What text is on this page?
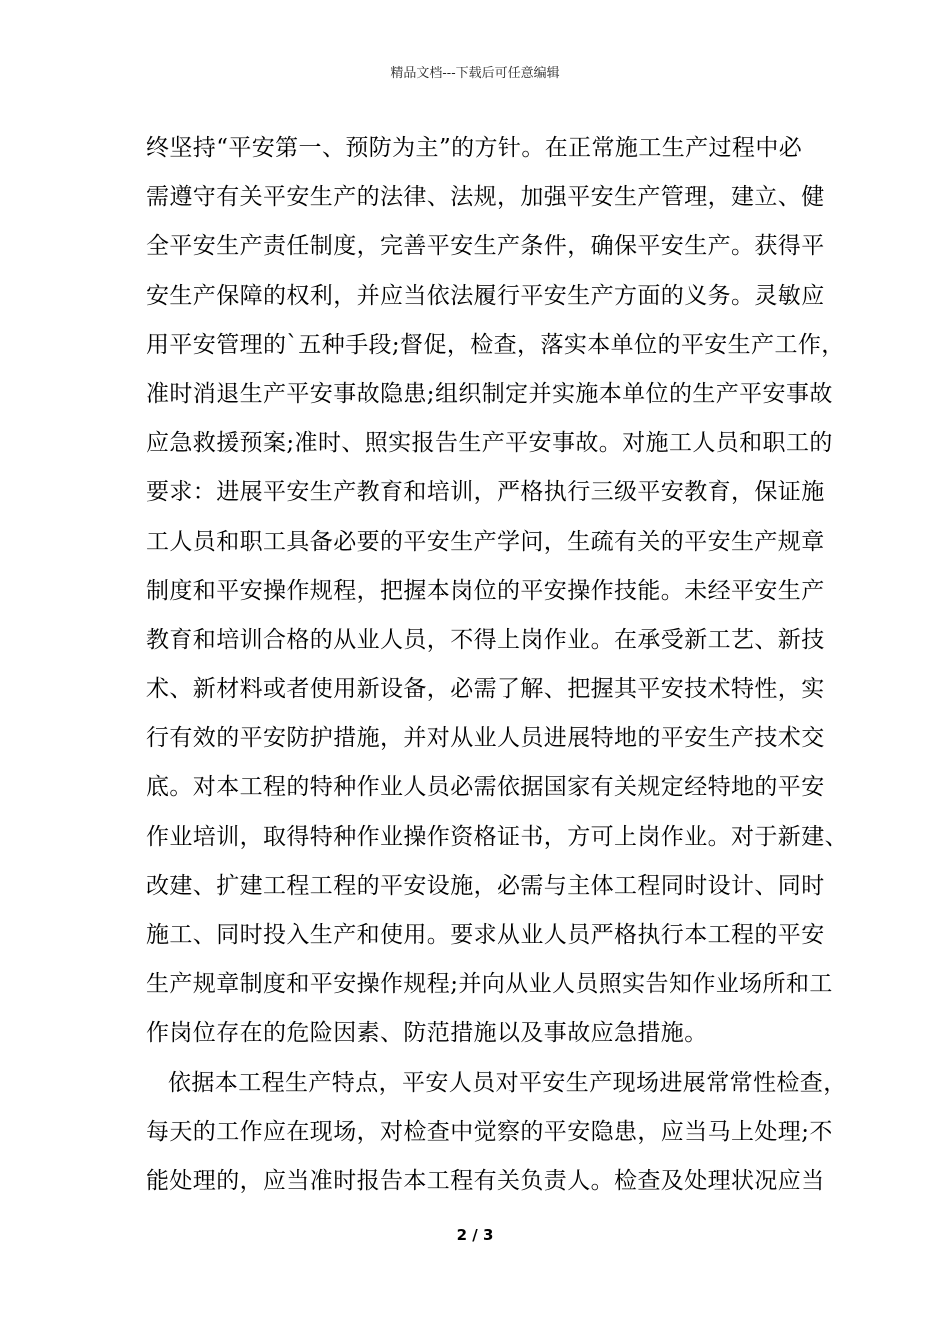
精品文档---下载后可任意编辑
终坚持“平安第一、预防为主”的方针。在正常施工生产过程中必
需遵守有关平安生产的法律、法规，加强平安生产管理，建立、健
全平安生产责任制度，完善平安生产条件，确保平安生产。获得平
安生产保障的权利，并应当依法履行平安生产方面的义务。灵敏应
用平安管理的`五种手段;督促，检查，落实本单位的平安生产工作，
准时消退生产平安事故隐患;组织制定并实施本单位的生产平安事故
应急救援预案;准时、照实报告生产平安事故。对施工人员和职工的
要求：进展平安生产教育和培训，严格执行三级平安教育，保证施
工人员和职工具备必要的平安生产学问，生疏有关的平安生产规章
制度和平安操作规程，把握本岗位的平安操作技能。未经平安生产
教育和培训合格的从业人员，不得上岗作业。在承受新工艺、新技
术、新材料或者使用新设备，必需了解、把握其平安技术特性，实
行有效的平安防护措施，并对从业人员进展特地的平安生产技术交
底。对本工程的特种作业人员必需依据国家有关规定经特地的平安
作业培训，取得特种作业操作资格证书，方可上岗作业。对于新建、
改建、扩建工程工程的平安设施，必需与主体工程同时设计、同时
施工、同时投入生产和使用。要求从业人员严格执行本工程的平安
生产规章制度和平安操作规程;并向从业人员照实告知作业场所和工
作岗位存在的危险因素、防范措施以及事故应急措施。
依据本工程生产特点，平安人员对平安生产现场进展常常性检查，
每天的工作应在现场，对检查中觉察的平安隐患，应当马上处理;不
能处理的，应当准时报告本工程有关负责人。检查及处理状况应当
2 / 3
